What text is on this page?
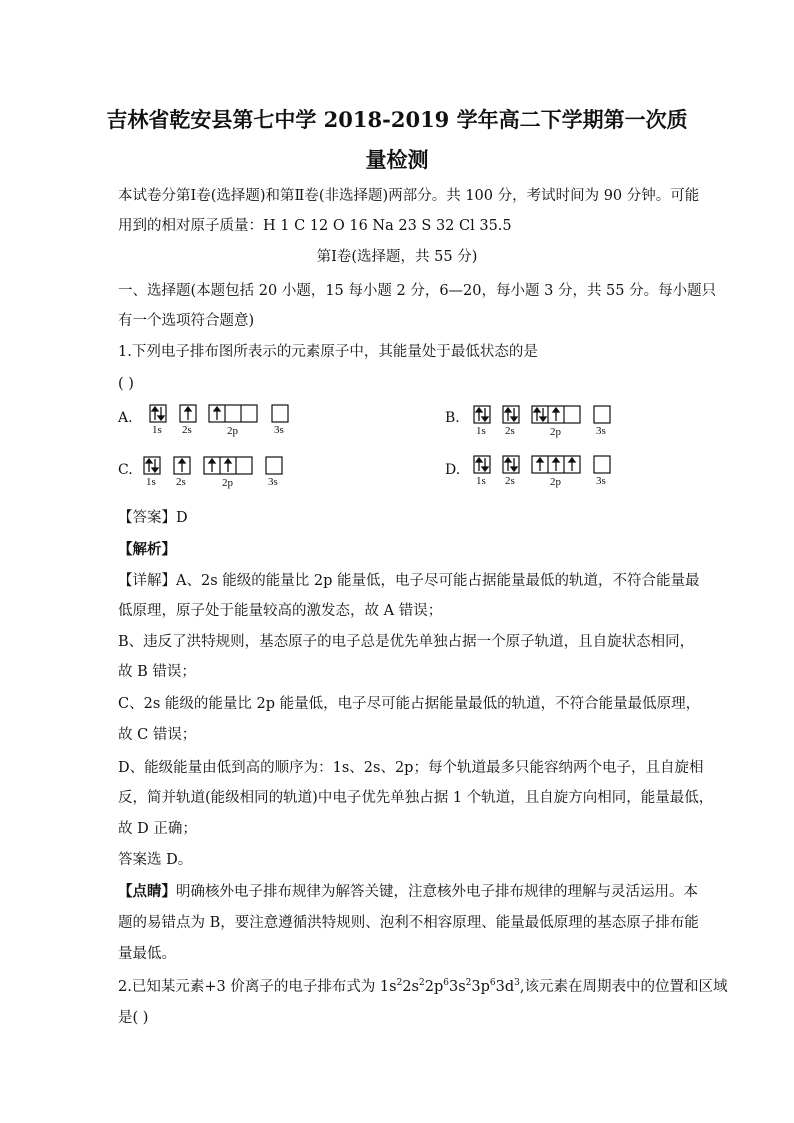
吉林省乾安县第七中学 2018-2019 学年高二下学期第一次质
量检测
本试卷分第Ⅰ卷(选择题)和第Ⅱ卷(非选择题)两部分。共 100 分，考试时间为 90 分钟。可能
用到的相对原子质量：H 1 C 12 O 16 Na 23 S 32 Cl 35.5
第Ⅰ卷(选择题，共 55 分)
一、选择题(本题包括 20 小题，15 每小题 2 分，6—20，每小题 3 分，共 55 分。每小题只
有一个选项符合题意)
1.下列电子排布图所表示的元素原子中，其能量处于最低状态的是
( )
A.
1s 2s	2p	3s
B.
1s 2s	2p	3s
C.
1s 2s	2p	3s
D.
1s 2s	2p	3s
【答案】D
【解析】
【详解】A、2s 能级的能量比 2p 能量低，电子尽可能占据能量最低的轨道，不符合能量最
低原理，原子处于能量较高的激发态，故 A 错误；
B、违反了洪特规则，基态原子的电子总是优先单独占据一个原子轨道，且自旋状态相同，
故 B 错误；
C、2s 能级的能量比 2p 能量低，电子尽可能占据能量最低的轨道，不符合能量最低原理，
故 C 错误；
D、能级能量由低到高的顺序为：1s、2s、2p；每个轨道最多只能容纳两个电子，且自旋相
反，简并轨道(能级相同的轨道)中电子优先单独占据 1 个轨道，且自旋方向相同，能量最低，
故 D 正确；
答案选 D。
【点睛】明确核外电子排布规律为解答关键，注意核外电子排布规律的理解与灵活运用。本
题的易错点为 B，要注意遵循洪特规则、泡利不相容原理、能量最低原理的基态原子排布能
量最低。
2.已知某元素+3 价离子的电子排布式为 $1s^22s^22p^63s^23p^63d^3$,该元素在周期表中的位置和区域
是( )
